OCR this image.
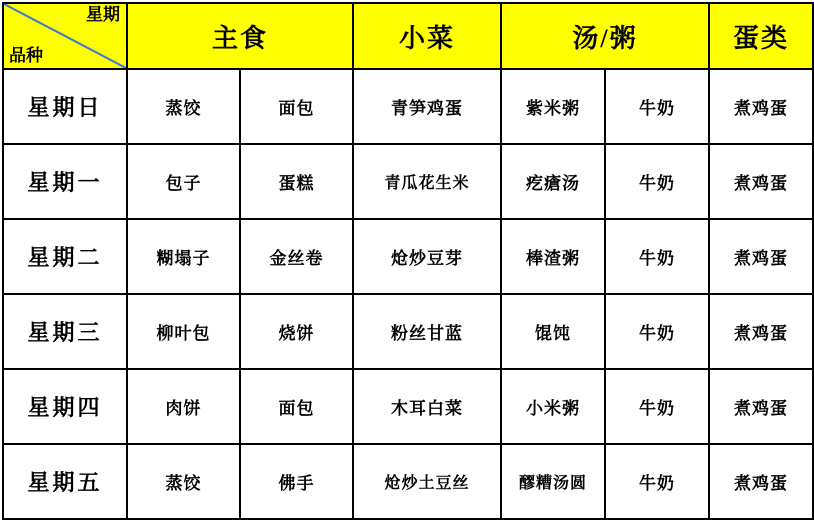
星期
品种	主食		小菜	汤/粥		蛋类
星期日	蒸饺	面包	青笋鸡蛋	紫米粥	牛奶	煮鸡蛋
星期一	包子	蛋糕	青瓜花生米	疙瘡汤	牛奶	煮鸡蛋
星期二	糊塌子	金丝卷	炝炒豆芽	棒渣粥	牛奶	煮鸡蛋
星期三	柳叶包	烧饼	粉丝甘蓝	馄饨	牛奶	煮鸡蛋
星期四	肉饼	面包	木耳白菜	小米粥	牛奶	煮鸡蛋
星期五	蒸饺	佛手	炝炒土豆丝	醪糟汤圆	牛奶	煮鸡蛋
